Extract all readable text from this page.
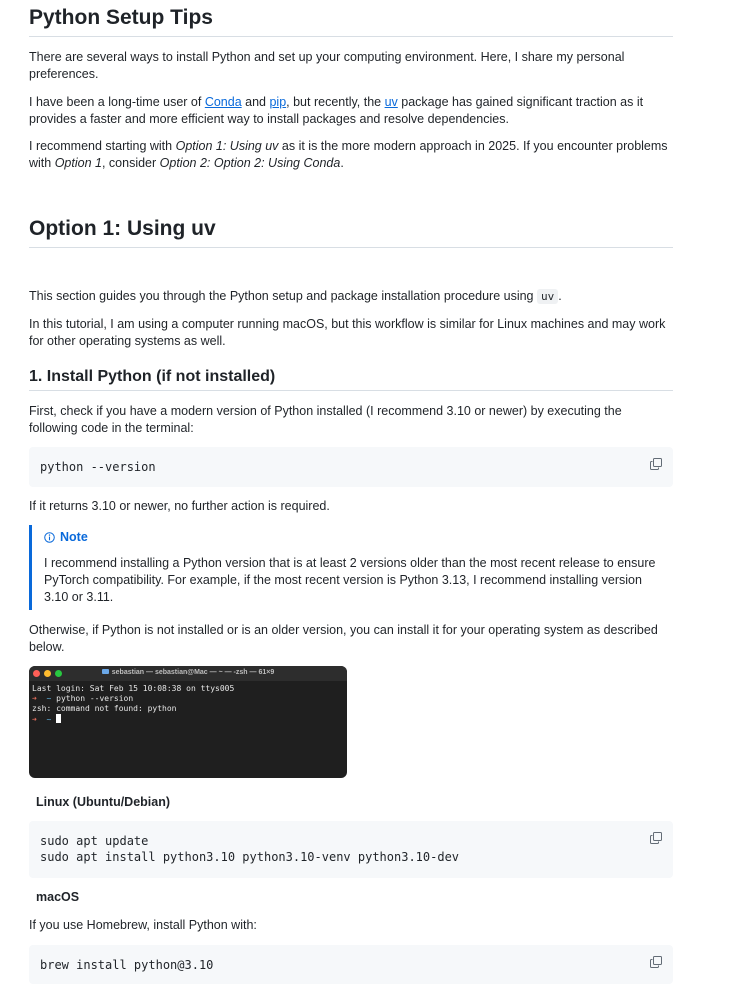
Python Setup Tips
There are several ways to install Python and set up your computing environment. Here, I share my personal preferences.
I have been a long-time user of Conda and pip, but recently, the uv package has gained significant traction as it provides a faster and more efficient way to install packages and resolve dependencies.
I recommend starting with Option 1: Using uv as it is the more modern approach in 2025. If you encounter problems with Option 1, consider Option 2: Option 2: Using Conda.
Option 1: Using uv
This section guides you through the Python setup and package installation procedure using uv .
In this tutorial, I am using a computer running macOS, but this workflow is similar for Linux machines and may work for other operating systems as well.
1. Install Python (if not installed)
First, check if you have a modern version of Python installed (I recommend 3.10 or newer) by executing the following code in the terminal:
python --version
If it returns 3.10 or newer, no further action is required.
Note
I recommend installing a Python version that is at least 2 versions older than the most recent release to ensure PyTorch compatibility. For example, if the most recent version is Python 3.13, I recommend installing version 3.10 or 3.11.
Otherwise, if Python is not installed or is an older version, you can install it for your operating system as described below.
sebastian — sebastian@Mac — ~ — -zsh — 61×9
Last login: Sat Feb 15 10:08:38 on ttys005
➜ ~ python --version
zsh: command not found: python
➜ ~
Linux (Ubuntu/Debian)
sudo apt update
sudo apt install python3.10 python3.10-venv python3.10-dev
macOS
If you use Homebrew, install Python with:
brew install python@3.10
